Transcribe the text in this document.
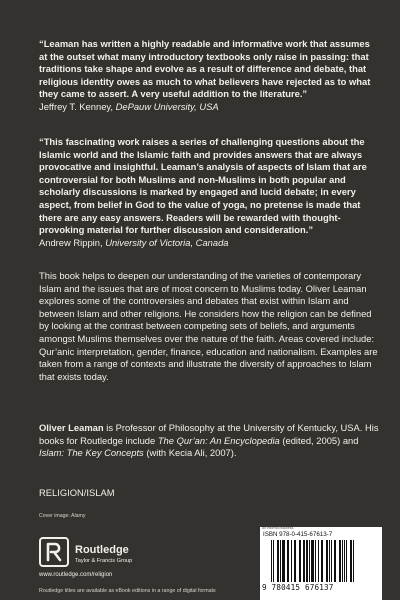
“Leaman has written a highly readable and informative work that assumes at the outset what many introductory textbooks only raise in passing: that traditions take shape and evolve as a result of difference and debate, that religious identity owes as much to what believers have rejected as to what they came to assert. A very useful addition to the literature.”
Jeffrey T. Kenney, DePauw University, USA
“This fascinating work raises a series of challenging questions about the Islamic world and the Islamic faith and provides answers that are always provocative and insightful. Leaman’s analysis of aspects of Islam that are controversial for both Muslims and non-Muslims in both popular and scholarly discussions is marked by engaged and lucid debate; in every aspect, from belief in God to the value of yoga, no pretense is made that there are any easy answers. Readers will be rewarded with thought-provoking material for further discussion and consideration.”
Andrew Rippin, University of Victoria, Canada
This book helps to deepen our understanding of the varieties of contemporary Islam and the issues that are of most concern to Muslims today. Oliver Leaman explores some of the controversies and debates that exist within Islam and between Islam and other religions. He considers how the religion can be defined by looking at the contrast between competing sets of beliefs, and arguments amongst Muslims themselves over the nature of the faith. Areas covered include: Qur’anic interpretation, gender, finance, education and nationalism. Examples are taken from a range of contexts and illustrate the diversity of approaches to Islam that exists today.
Oliver Leaman is Professor of Philosophy at the University of Kentucky, USA. His books for Routledge include The Qur’an: An Encyclopedia (edited, 2005) and Islam: The Key Concepts (with Kecia Ali, 2007).
RELIGION/ISLAM
Cover image: Alamy
Routledge
Taylor & Francis Group
www.routledge.com/religion
Routledge titles are available as eBook editions in a range of digital formats
an informa business
ISBN 978-0-415-67613-7
9 780415 676137
